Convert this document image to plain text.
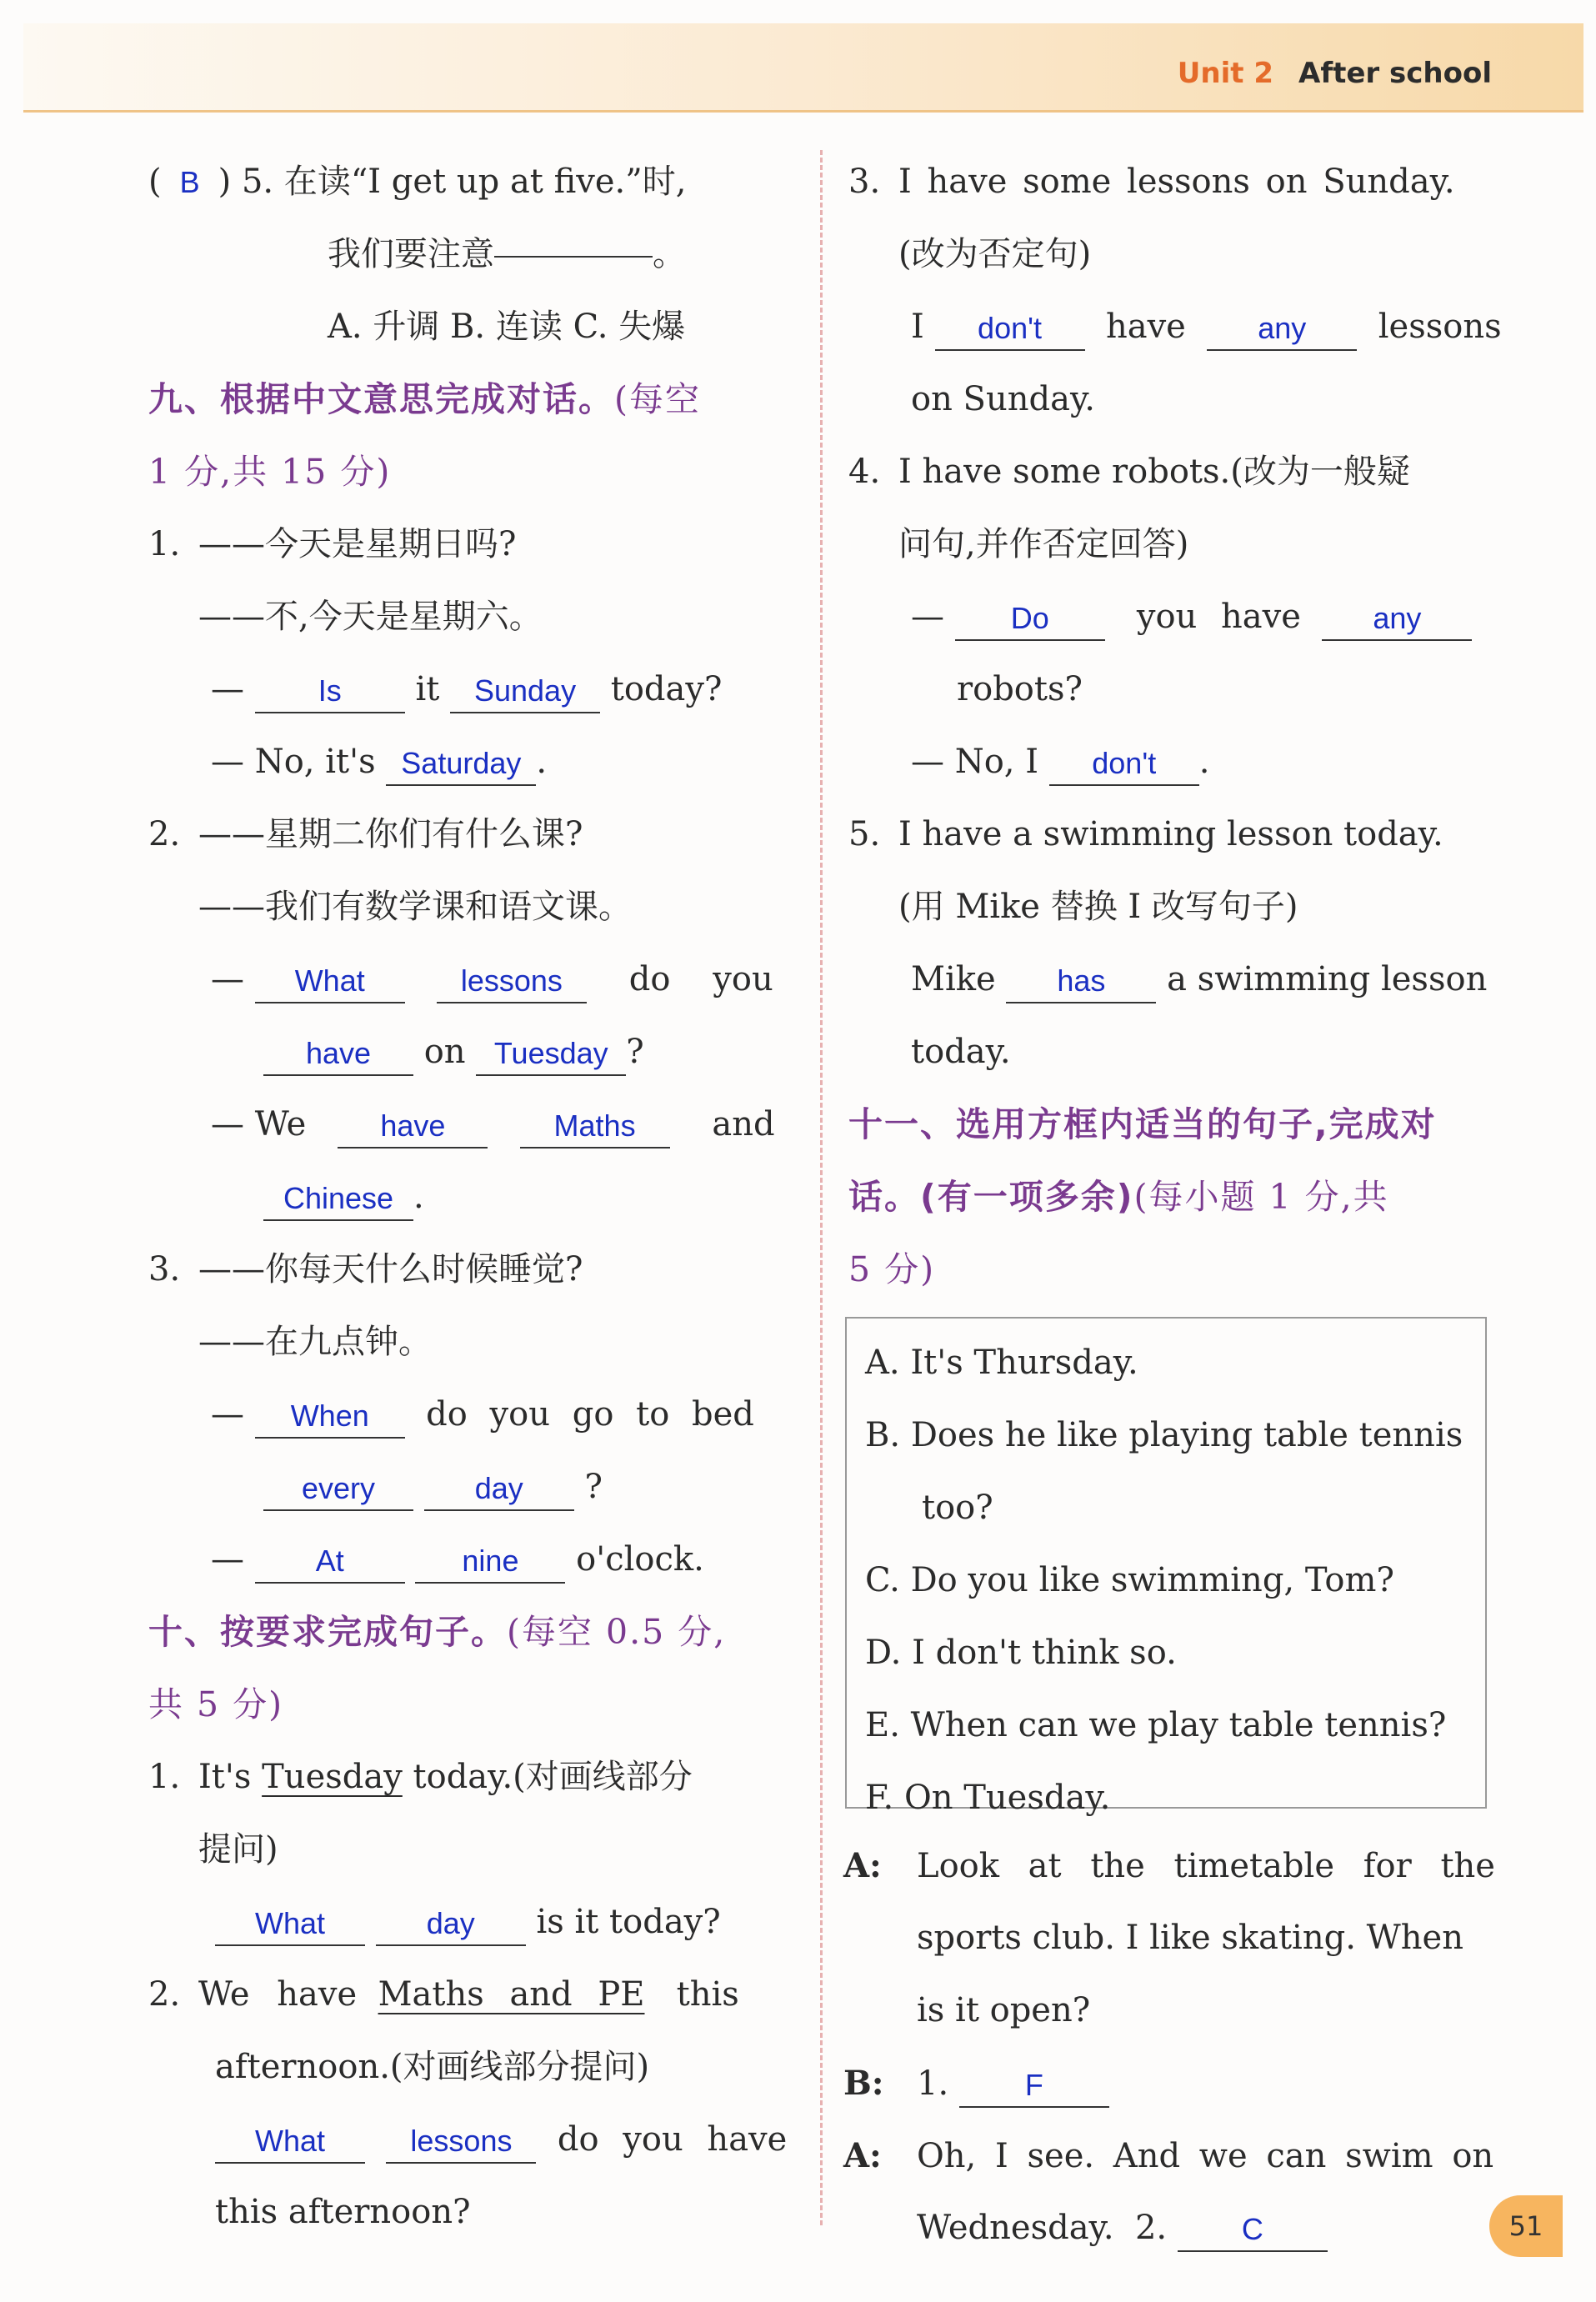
Unit 2 After school
( B ) 5. 在读“I get up at five.”时,
我们要注意	。
A. 升调 B. 连读 C. 失爆
九、根据中文意思完成对话。(每空
1 分,共 15 分)
1. ——今天是星期日吗?
——不,今天是星期六。
— Is it Sunday today?
— No, it's Saturday .
2. ——星期二你们有什么课?
——我们有数学课和语文课。
— What	lessons do you
have on Tuesday ?
— We have	Maths and
Chinese .
3. ——你每天什么时候睡觉?
——在九点钟。
— When do you go to bed
every	day ?
— At	nine o'clock.
十、按要求完成句子。(每空 0.5 分,
共 5 分)
1. It's Tuesday today.(对画线部分
提问)
What	day is it today?
2. We have Maths and PE this
afternoon.(对画线部分提问)
What	lessons do you have
this afternoon?
3. I have some lessons on Sunday.
(改为否定句)
I don't have any lessons
on Sunday.
4. I have some robots.(改为一般疑
问句,并作否定回答)
— Do	you have any
robots?
— No, I don't .
5. I have a swimming lesson today.
(用 Mike 替换 I 改写句子)
Mike has a swimming lesson
today.
十一、选用方框内适当的句子,完成对
话。(有一项多余)(每小题 1 分,共
5 分)
A. It's Thursday.
B. Does he like playing table tennis
too?
C. Do you like swimming, Tom?
D. I don't think so.
E. When can we play table tennis?
F. On Tuesday.
A: Look at the timetable for the
sports club. I like skating. When
is it open?
B: 1.	F
A: Oh, I see. And we can swim on
Wednesday. 2. C	51
